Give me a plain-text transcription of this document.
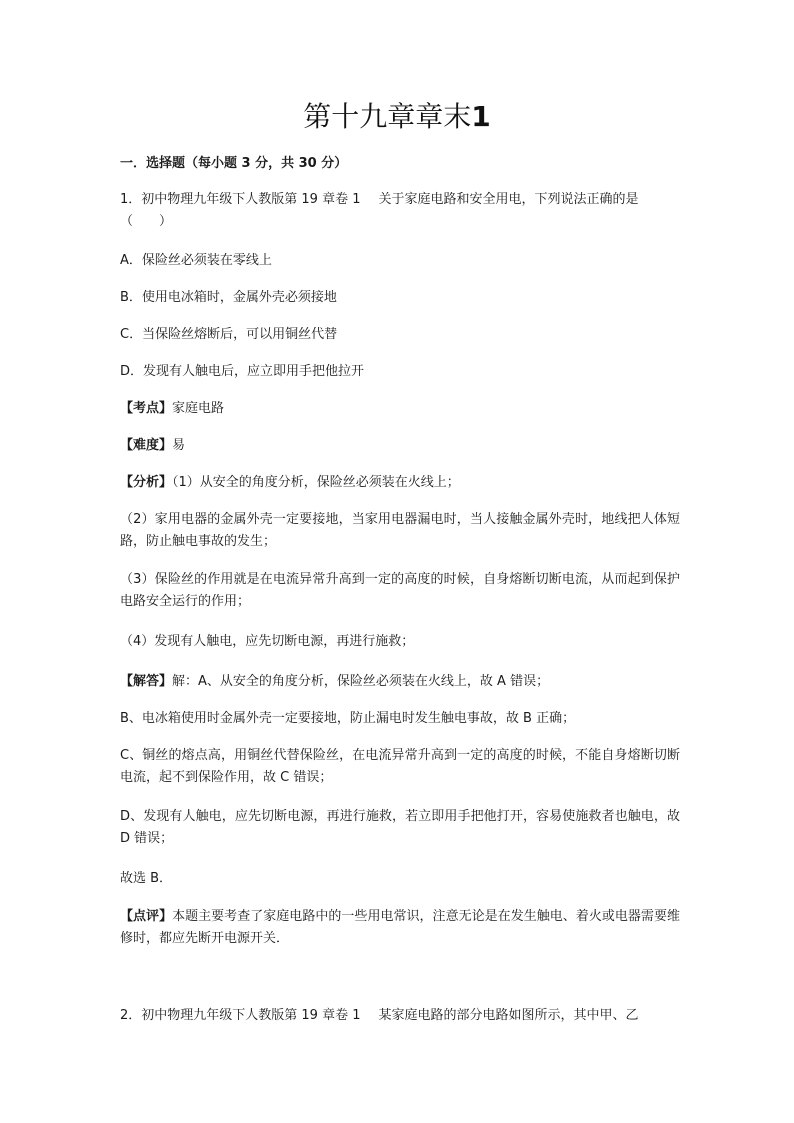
第十九章章末1

一．选择题（每小题 3 分，共 30 分）

1．初中物理九年级下人教版第 19 章卷 1 关于家庭电路和安全用电，下列说法正确的是

（ ）

A．保险丝必须装在零线上

B．使用电冰箱时，金属外壳必须接地

C．当保险丝熔断后，可以用铜丝代替

D．发现有人触电后，应立即用手把他拉开

【考点】家庭电路

【难度】易

【分析】（1）从安全的角度分析，保险丝必须装在火线上；

（2）家用电器的金属外壳一定要接地，当家用电器漏电时，当人接触金属外壳时，地线把人体短路，防止触电事故的发生；

（3）保险丝的作用就是在电流异常升高到一定的高度的时候，自身熔断切断电流，从而起到保护电路安全运行的作用；

（4）发现有人触电，应先切断电源，再进行施救；

【解答】解：A、从安全的角度分析，保险丝必须装在火线上，故 A 错误；

B、电冰箱使用时金属外壳一定要接地，防止漏电时发生触电事故，故 B 正确；

C、铜丝的熔点高，用铜丝代替保险丝，在电流异常升高到一定的高度的时候，不能自身熔断切断电流，起不到保险作用，故 C 错误；

D、发现有人触电，应先切断电源，再进行施救，若立即用手把他打开，容易使施救者也触电，故 D 错误；

故选 B．

【点评】本题主要考查了家庭电路中的一些用电常识，注意无论是在发生触电、着火或电器需要维修时，都应先断开电源开关．

2．初中物理九年级下人教版第 19 章卷 1 某家庭电路的部分电路如图所示，其中甲、乙
